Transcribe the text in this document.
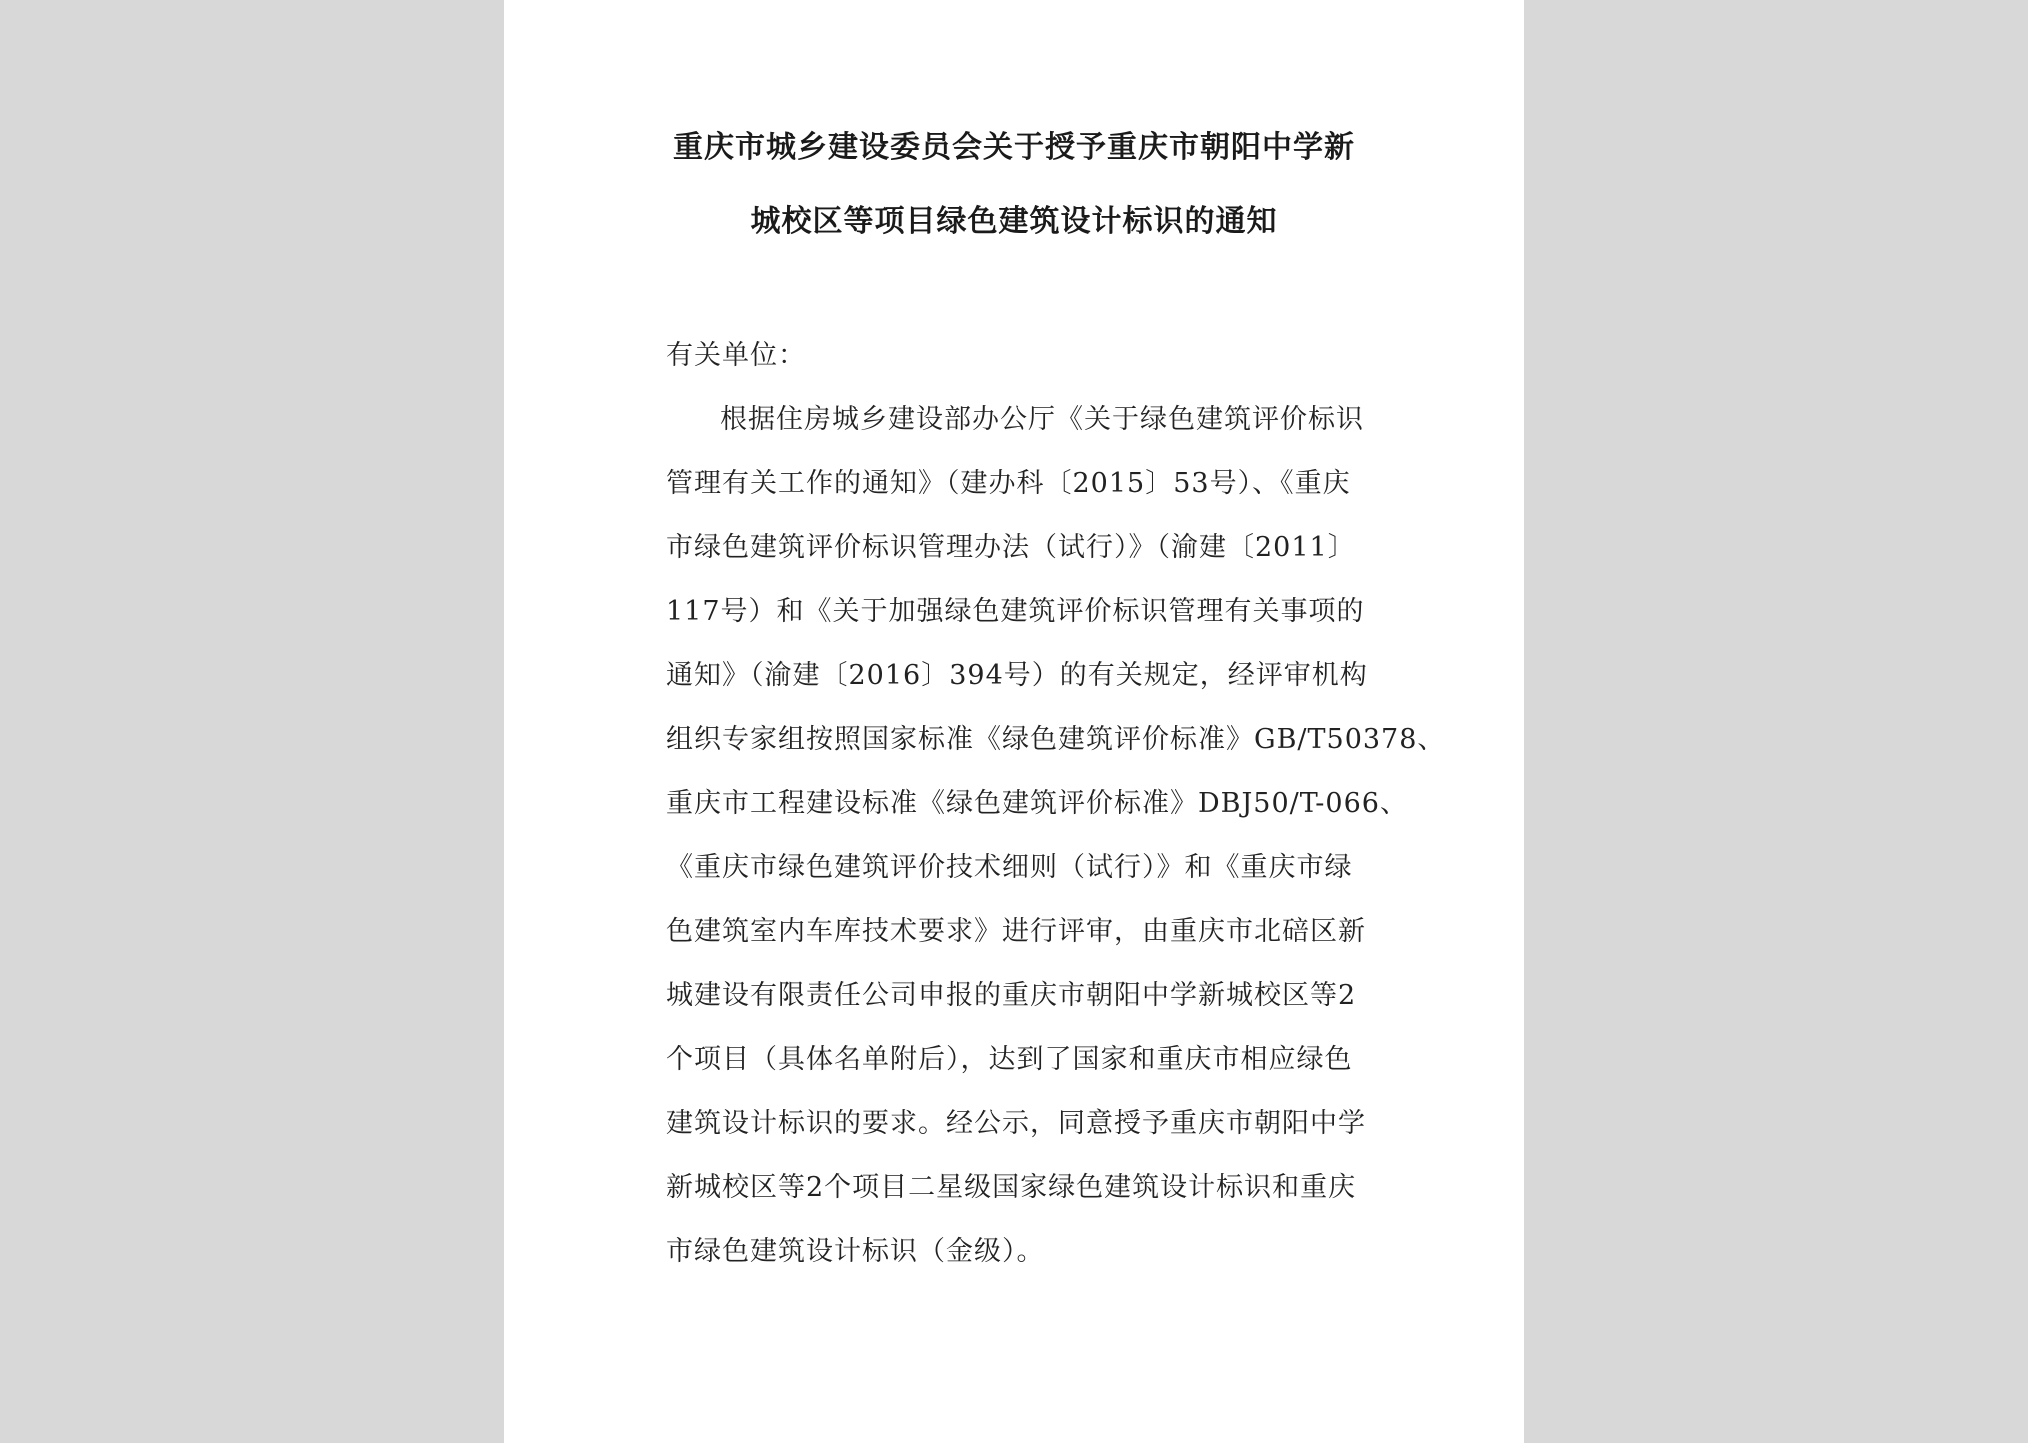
重庆市城乡建设委员会关于授予重庆市朝阳中学新
城校区等项目绿色建筑设计标识的通知
有关单位：
根据住房城乡建设部办公厅《关于绿色建筑评价标识
管理有关工作的通知》（建办科〔2015〕53号）、《重庆
市绿色建筑评价标识管理办法（试行）》（渝建〔2011〕
117号）和《关于加强绿色建筑评价标识管理有关事项的
通知》（渝建〔2016〕394号）的有关规定，经评审机构
组织专家组按照国家标准《绿色建筑评价标准》GB/T50378、
重庆市工程建设标准《绿色建筑评价标准》DBJ50/T-066、
《重庆市绿色建筑评价技术细则（试行）》和《重庆市绿
色建筑室内车库技术要求》进行评审，由重庆市北碚区新
城建设有限责任公司申报的重庆市朝阳中学新城校区等2
个项目（具体名单附后），达到了国家和重庆市相应绿色
建筑设计标识的要求。经公示，同意授予重庆市朝阳中学
新城校区等2个项目二星级国家绿色建筑设计标识和重庆
市绿色建筑设计标识（金级）。
